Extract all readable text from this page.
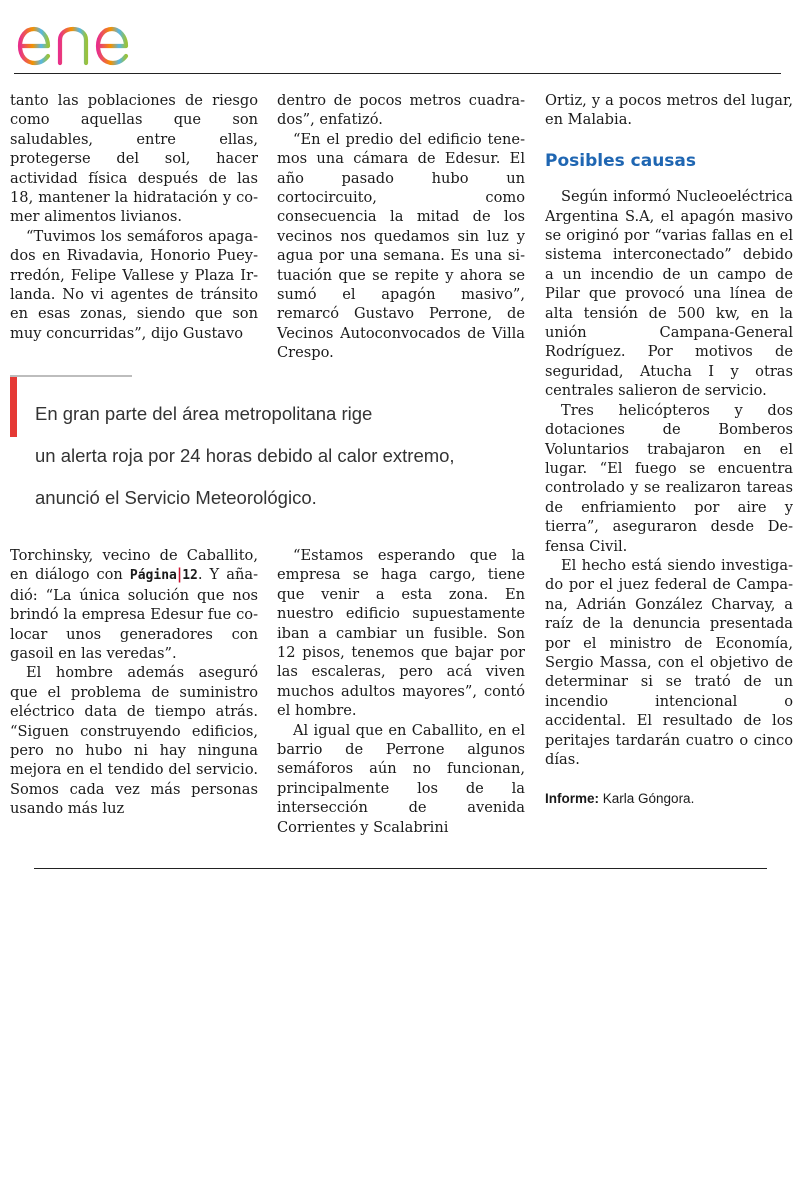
tanto las poblaciones de riesgo como aquellas que son saludables, entre ellas, protegerse del sol, hacer actividad física después de las 18, mantener la hidratación y comer alimentos livianos.

“Tuvimos los semáforos apagados en Rivadavia, Honorio Pueyrredón, Felipe Vallese y Plaza Irlanda. No vi agentes de tránsito en esas zonas, siendo que son muy concurridas”, dijo Gustavo

dentro de pocos metros cuadrados”, enfatizó.

“En el predio del edificio tenemos una cámara de Edesur. El año pasado hubo un cortocircuito, como consecuencia la mitad de los vecinos nos quedamos sin luz y agua por una semana. Es una situación que se repite y ahora se sumó el apagón masivo”, remarcó Gustavo Perrone, de Vecinos Autoconvocados de Villa Crespo.

En gran parte del área metropolitana rige
un alerta roja por 24 horas debido al calor extremo,
anunció el Servicio Meteorológico.

Torchinsky, vecino de Caballito, en diálogo con Página|12. Y añadió: “La única solución que nos brindó la empresa Edesur fue colocar unos generadores con gasoil en las veredas”.

El hombre además aseguró que el problema de suministro eléctrico data de tiempo atrás. “Siguen construyendo edificios, pero no hubo ni hay ninguna mejora en el tendido del servicio. Somos cada vez más personas usando más luz

“Estamos esperando que la empresa se haga cargo, tiene que venir a esta zona. En nuestro edificio supuestamente iban a cambiar un fusible. Son 12 pisos, tenemos que bajar por las escaleras, pero acá viven muchos adultos mayores”, contó el hombre.

Al igual que en Caballito, en el barrio de Perrone algunos semáforos aún no funcionan, principalmente los de la intersección de avenida Corrientes y Scalabrini

Ortiz, y a pocos metros del lugar, en Malabia.

Posibles causas

Según informó Nucleoeléctrica Argentina S.A, el apagón masivo se originó por “varias fallas en el sistema interconectado” debido a un incendio de un campo de Pilar que provocó una línea de alta tensión de 500 kw, en la unión Campana-General Rodríguez. Por motivos de seguridad, Atucha I y otras centrales salieron de servicio.

Tres helicópteros y dos dotaciones de Bomberos Voluntarios trabajaron en el lugar. “El fuego se encuentra controlado y se realizaron tareas de enfriamiento por aire y tierra”, aseguraron desde Defensa Civil.

El hecho está siendo investigado por el juez federal de Campana, Adrián González Charvay, a raíz de la denuncia presentada por el ministro de Economía, Sergio Massa, con el objetivo de determinar si se trató de un incendio intencional o accidental. El resultado de los peritajes tardarán cuatro o cinco días.

Informe: Karla Góngora.
